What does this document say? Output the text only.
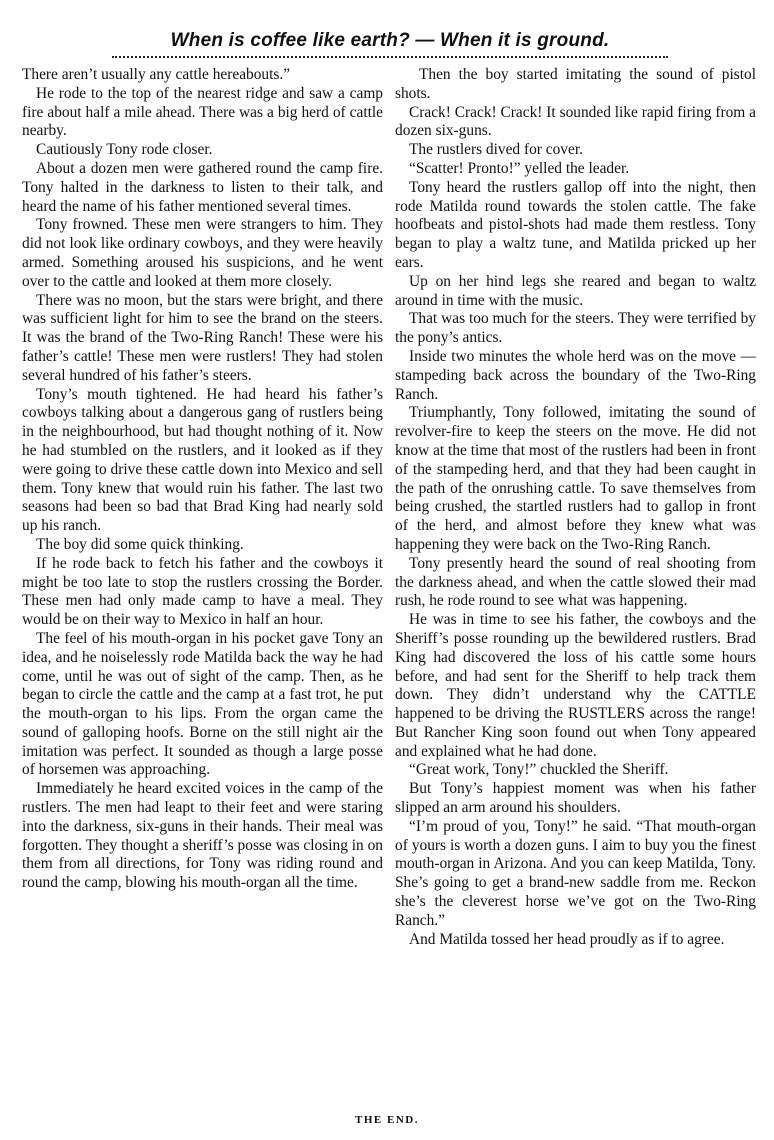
When is coffee like earth? — When it is ground.

There aren’t usually any cattle hereabouts.”

He rode to the top of the nearest ridge and saw a camp fire about half a mile ahead. There was a big herd of cattle nearby.

Cautiously Tony rode closer.

About a dozen men were gathered round the camp fire. Tony halted in the darkness to listen to their talk, and heard the name of his father mentioned several times.

Tony frowned. These men were strangers to him. They did not look like ordinary cowboys, and they were heavily armed. Something aroused his suspicions, and he went over to the cattle and looked at them more closely.

There was no moon, but the stars were bright, and there was sufficient light for him to see the brand on the steers. It was the brand of the Two-Ring Ranch! These were his father’s cattle! These men were rustlers! They had stolen several hundred of his father’s steers.

Tony’s mouth tightened. He had heard his father’s cowboys talking about a dangerous gang of rustlers being in the neighbourhood, but had thought nothing of it. Now he had stumbled on the rustlers, and it looked as if they were going to drive these cattle down into Mexico and sell them. Tony knew that would ruin his father. The last two seasons had been so bad that Brad King had nearly sold up his ranch.

The boy did some quick thinking.

If he rode back to fetch his father and the cowboys it might be too late to stop the rustlers crossing the Border. These men had only made camp to have a meal. They would be on their way to Mexico in half an hour.

The feel of his mouth-organ in his pocket gave Tony an idea, and he noiselessly rode Matilda back the way he had come, until he was out of sight of the camp. Then, as he began to circle the cattle and the camp at a fast trot, he put the mouth-organ to his lips. From the organ came the sound of galloping hoofs. Borne on the still night air the imitation was perfect. It sounded as though a large posse of horsemen was approaching.

Immediately he heard excited voices in the camp of the rustlers. The men had leapt to their feet and were staring into the darkness, six-guns in their hands. Their meal was forgotten. They thought a sheriff’s posse was closing in on them from all directions, for Tony was riding round and round the camp, blowing his mouth-organ all the time.

Then the boy started imitating the sound of pistol shots.

Crack! Crack! Crack! It sounded like rapid firing from a dozen six-guns.

The rustlers dived for cover.

“Scatter! Pronto!” yelled the leader.

Tony heard the rustlers gallop off into the night, then rode Matilda round towards the stolen cattle. The fake hoofbeats and pistol-shots had made them restless. Tony began to play a waltz tune, and Matilda pricked up her ears.

Up on her hind legs she reared and began to waltz around in time with the music.

That was too much for the steers. They were terrified by the pony’s antics.

Inside two minutes the whole herd was on the move — stampeding back across the boundary of the Two-Ring Ranch.

Triumphantly, Tony followed, imitating the sound of revolver-fire to keep the steers on the move. He did not know at the time that most of the rustlers had been in front of the stampeding herd, and that they had been caught in the path of the onrushing cattle. To save themselves from being crushed, the startled rustlers had to gallop in front of the herd, and almost before they knew what was happening they were back on the Two-Ring Ranch.

Tony presently heard the sound of real shooting from the darkness ahead, and when the cattle slowed their mad rush, he rode round to see what was happening.

He was in time to see his father, the cowboys and the Sheriff’s posse rounding up the bewildered rustlers. Brad King had discovered the loss of his cattle some hours before, and had sent for the Sheriff to help track them down. They didn’t understand why the CATTLE happened to be driving the RUSTLERS across the range! But Rancher King soon found out when Tony appeared and explained what he had done.

“Great work, Tony!” chuckled the Sheriff.

But Tony’s happiest moment was when his father slipped an arm around his shoulders.

“I’m proud of you, Tony!” he said. “That mouth-organ of yours is worth a dozen guns. I aim to buy you the finest mouth-organ in Arizona. And you can keep Matilda, Tony. She’s going to get a brand-new saddle from me. Reckon she’s the cleverest horse we’ve got on the Two-Ring Ranch.”

And Matilda tossed her head proudly as if to agree.

THE END.
